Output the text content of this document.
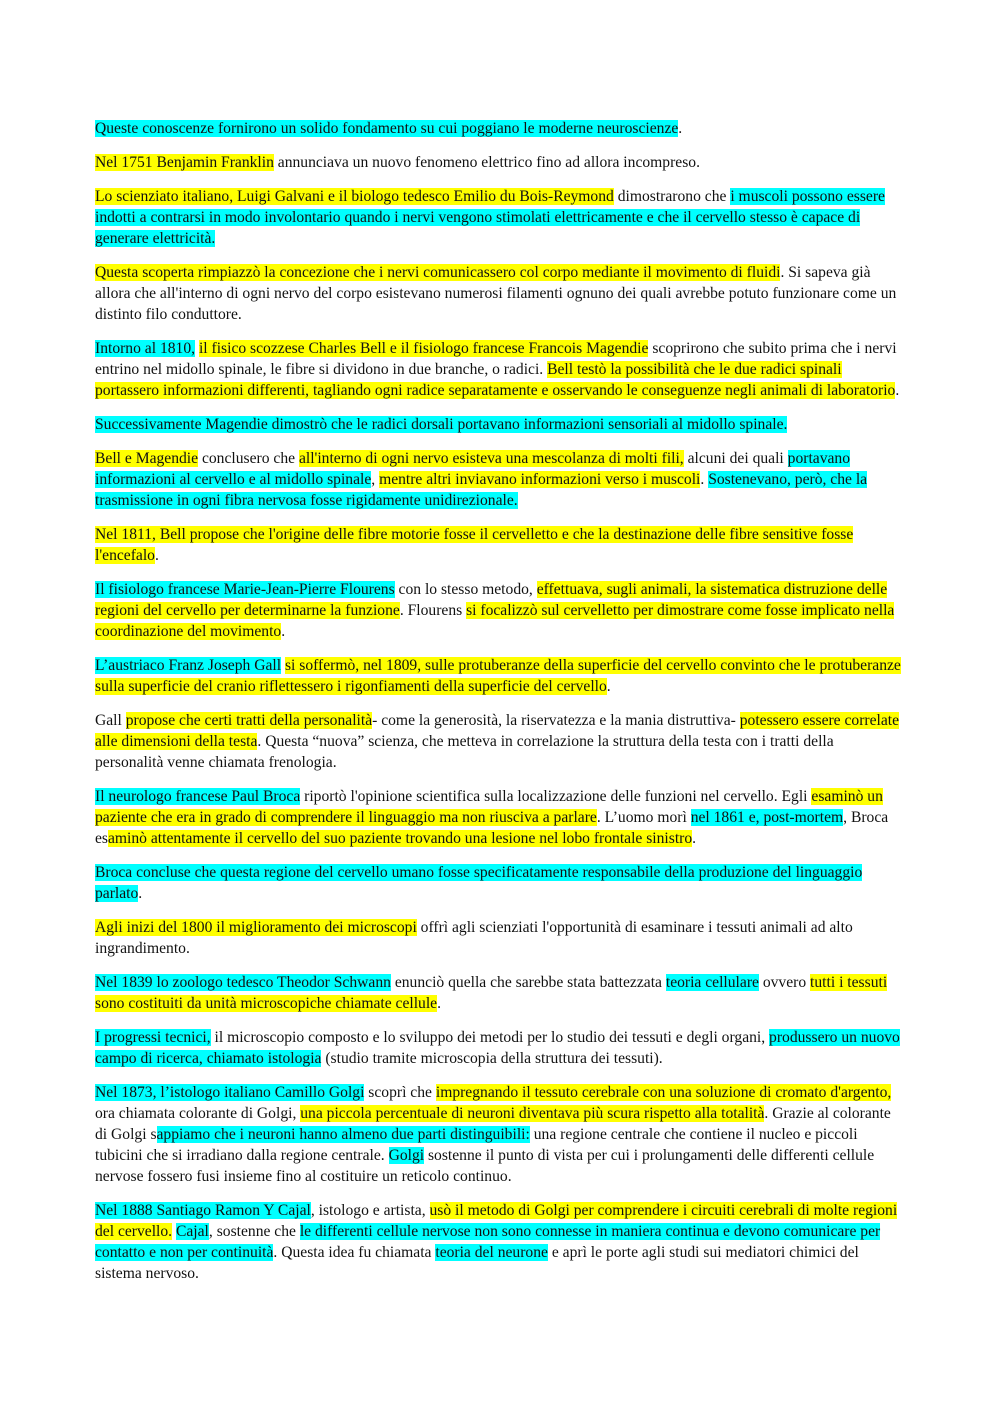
Queste conoscenze fornirono un solido fondamento su cui poggiano le moderne neuroscienze.

Nel 1751 Benjamin Franklin annunciava un nuovo fenomeno elettrico fino ad allora incompreso.

Lo scienziato italiano, Luigi Galvani e il biologo tedesco Emilio du Bois-Reymond dimostrarono che i muscoli possono essere indotti a contrarsi in modo involontario quando i nervi vengono stimolati elettricamente e che il cervello stesso è capace di generare elettricità.

Questa scoperta rimpiazzò la concezione che i nervi comunicassero col corpo mediante il movimento di fluidi. Si sapeva già allora che all'interno di ogni nervo del corpo esistevano numerosi filamenti ognuno dei quali avrebbe potuto funzionare come un distinto filo conduttore.

Intorno al 1810, il fisico scozzese Charles Bell e il fisiologo francese Francois Magendie scoprirono che subito prima che i nervi entrino nel midollo spinale, le fibre si dividono in due branche, o radici. Bell testò la possibilità che le due radici spinali portassero informazioni differenti, tagliando ogni radice separatamente e osservando le conseguenze negli animali di laboratorio.

Successivamente Magendie dimostrò che le radici dorsali portavano informazioni sensoriali al midollo spinale.

Bell e Magendie conclusero che all'interno di ogni nervo esisteva una mescolanza di molti fili, alcuni dei quali portavano informazioni al cervello e al midollo spinale, mentre altri inviavano informazioni verso i muscoli. Sostenevano, però, che la trasmissione in ogni fibra nervosa fosse rigidamente unidirezionale.

Nel 1811, Bell propose che l'origine delle fibre motorie fosse il cervelletto e che la destinazione delle fibre sensitive fosse l'encefalo.

Il fisiologo francese Marie-Jean-Pierre Flourens con lo stesso metodo, effettuava, sugli animali, la sistematica distruzione delle regioni del cervello per determinarne la funzione. Flourens si focalizzò sul cervelletto per dimostrare come fosse implicato nella coordinazione del movimento.

L’austriaco Franz Joseph Gall si soffermò, nel 1809, sulle protuberanze della superficie del cervello convinto che le protuberanze sulla superficie del cranio riflettessero i rigonfiamenti della superficie del cervello.

Gall propose che certi tratti della personalità- come la generosità, la riservatezza e la mania distruttiva- potessero essere correlate alle dimensioni della testa. Questa “nuova” scienza, che metteva in correlazione la struttura della testa con i tratti della personalità venne chiamata frenologia.

Il neurologo francese Paul Broca riportò l'opinione scientifica sulla localizzazione delle funzioni nel cervello. Egli esaminò un paziente che era in grado di comprendere il linguaggio ma non riusciva a parlare. L’uomo morì nel 1861 e, post-mortem, Broca esaminò attentamente il cervello del suo paziente trovando una lesione nel lobo frontale sinistro.

Broca concluse che questa regione del cervello umano fosse specificatamente responsabile della produzione del linguaggio parlato.

Agli inizi del 1800 il miglioramento dei microscopi offrì agli scienziati l'opportunità di esaminare i tessuti animali ad alto ingrandimento.

Nel 1839 lo zoologo tedesco Theodor Schwann enunciò quella che sarebbe stata battezzata teoria cellulare ovvero tutti i tessuti sono costituiti da unità microscopiche chiamate cellule.

I progressi tecnici, il microscopio composto e lo sviluppo dei metodi per lo studio dei tessuti e degli organi, produssero un nuovo campo di ricerca, chiamato istologia (studio tramite microscopia della struttura dei tessuti).

Nel 1873, l’istologo italiano Camillo Golgi scoprì che impregnando il tessuto cerebrale con una soluzione di cromato d'argento, ora chiamata colorante di Golgi, una piccola percentuale di neuroni diventava più scura rispetto alla totalità. Grazie al colorante di Golgi sappiamo che i neuroni hanno almeno due parti distinguibili: una regione centrale che contiene il nucleo e piccoli tubicini che si irradiano dalla regione centrale. Golgi sostenne il punto di vista per cui i prolungamenti delle differenti cellule nervose fossero fusi insieme fino al costituire un reticolo continuo.

Nel 1888 Santiago Ramon Y Cajal, istologo e artista, usò il metodo di Golgi per comprendere i circuiti cerebrali di molte regioni del cervello. Cajal, sostenne che le differenti cellule nervose non sono connesse in maniera continua e devono comunicare per contatto e non per continuità. Questa idea fu chiamata teoria del neurone e aprì le porte agli studi sui mediatori chimici del sistema nervoso.
